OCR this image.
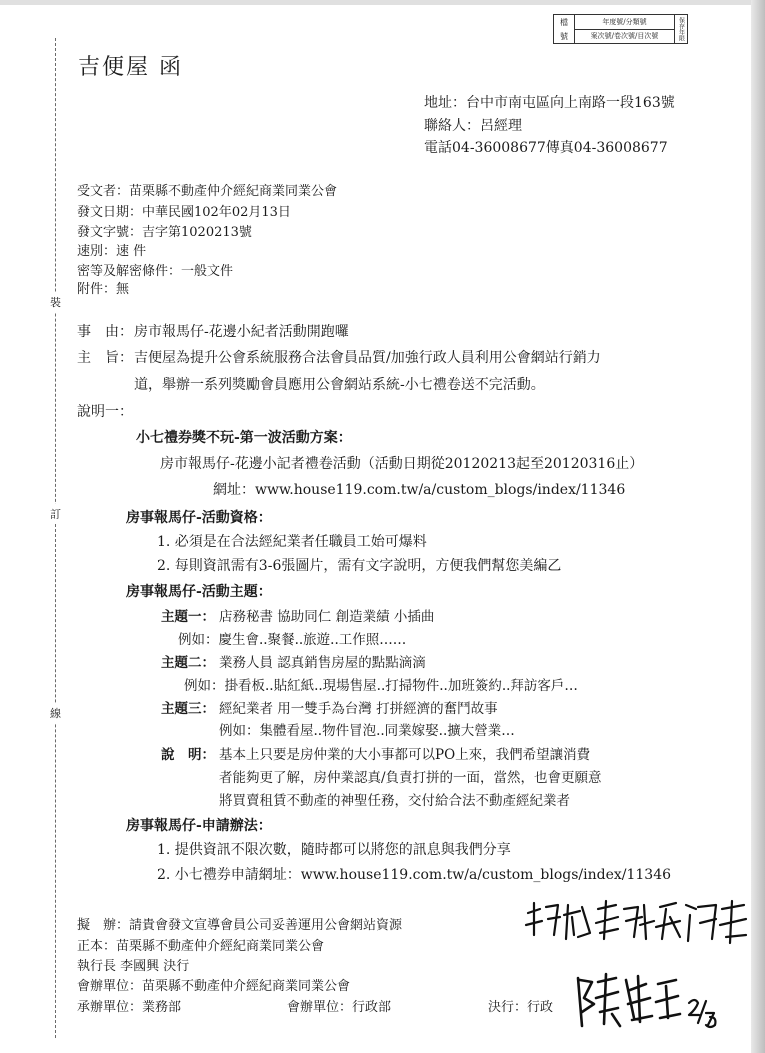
檔
號
年度號/分類號
案次號/卷次號/目次號	保存年限
裝
訂
線
吉便屋 函
地址：台中市南屯區向上南路一段163號
聯絡人：呂經理
電話04-36008677傳真04-36008677
受文者：苗栗縣不動產仲介經紀商業同業公會
發文日期：中華民國102年02月13日
發文字號：吉字第1020213號
速別：速 件
密等及解密條件：一般文件
附件：無
事　由： 房市報馬仔-花邊小紀者活動開跑囉
主　旨： 吉便屋為提升公會系統服務合法會員品質/加強行政人員利用公會網站行銷力
道，舉辦一系列獎勵會員應用公會網站系統-小七禮卷送不完活動。
說明一：
小七禮券獎不玩-第一波活動方案：
房市報馬仔-花邊小記者禮卷活動（活動日期從20120213起至20120316止）
網址：www.house119.com.tw/a/custom_blogs/index/11346
房事報馬仔-活動資格：
1. 必須是在合法經紀業者任職員工始可爆料
2. 每則資訊需有3-6張圖片，需有文字說明，方便我們幫您美編乙
房事報馬仔-活動主題：
主題一： 店務秘書 協助同仁 創造業績 小插曲
例如：慶生會..聚餐..旅遊..工作照……
主題二： 業務人員 認真銷售房屋的點點滴滴
例如：掛看板..貼紅紙..現場售屋..打掃物件..加班簽約..拜訪客戶…
主題三： 經紀業者 用一雙手為台灣 打拼經濟的奮鬥故事
例如：集體看屋..物件冒泡..同業嫁娶..擴大營業…
說　明： 基本上只要是房仲業的大小事都可以PO上來，我們希望讓消費
者能夠更了解，房仲業認真/負責打拼的一面，當然，也會更願意
將買賣租賃不動產的神聖任務，交付給合法不動產經紀業者
房事報馬仔-申請辦法：
1. 提供資訊不限次數，隨時都可以將您的訊息與我們分享
2. 小七禮券申請網址：www.house119.com.tw/a/custom_blogs/index/11346
擬　辦：請貴會發文宣導會員公司妥善運用公會網站資源
正本：苗栗縣不動產仲介經紀商業同業公會
執行長 李國興 決行
會辦單位：苗栗縣不動產仲介經紀商業同業公會
承辦單位：業務部	會辦單位：行政部	決行：行政
